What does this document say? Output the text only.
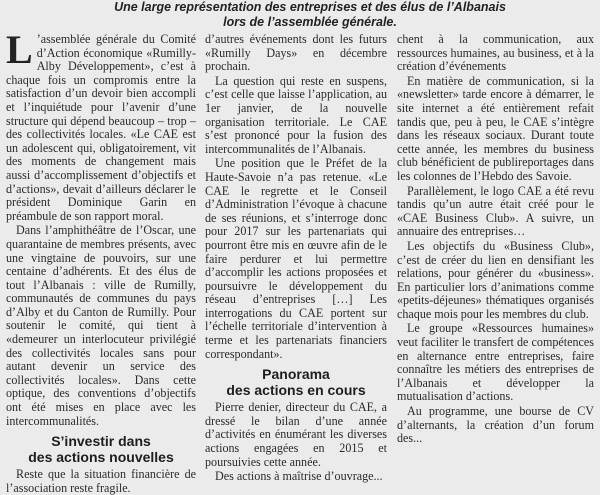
Une large représentation des entreprises et des élus de l’Albanais
lors de l’assemblée générale.

L ’assemblée générale du Comité d’Action économique «Rumilly-Alby Développement», c’est à chaque fois un compromis entre la satisfaction d’un devoir bien accompli et l’inquiétude pour l’avenir d’une structure qui dépend beaucoup – trop – des collectivités locales. «Le CAE est un adolescent qui, obligatoirement, vit des moments de changement mais aussi d’accomplissement d’objectifs et d’actions», devait d’ailleurs déclarer le président Dominique Garin en préambule de son rapport moral.

Dans l’amphithéâtre de l’Oscar, une quarantaine de membres présents, avec une vingtaine de pouvoirs, sur une centaine d’adhérents. Et des élus de tout l’Albanais : ville de Rumilly, communautés de communes du pays d’Alby et du Canton de Rumilly. Pour soutenir le comité, qui tient à «demeurer un interlocuteur privilégié des collectivités locales sans pour autant devenir un service des collectivités locales». Dans cette optique, des conventions d’objectifs ont été mises en place avec les intercommunalités.

S’investir dans
des actions nouvelles

Reste que la situation financière de l’association reste fragile.

d’autres événements dont les futurs «Rumilly Days» en décembre prochain.

La question qui reste en suspens, c’est celle que laisse l’application, au 1er janvier, de la nouvelle organisation territoriale. Le CAE s’est prononcé pour la fusion des intercommunalités de l’Albanais.

Une position que le Préfet de la Haute-Savoie n’a pas retenue. «Le CAE le regrette et le Conseil d’Administration l’évoque à chacune de ses réunions, et s’interroge donc pour 2017 sur les partenariats qui pourront être mis en œuvre afin de le faire perdurer et lui permettre d’accomplir les actions proposées et poursuivre le développement du réseau d’entreprises […] Les interrogations du CAE portent sur l’échelle territoriale d’intervention à terme et les partenariats financiers correspondant».

Panorama
des actions en cours

Pierre denier, directeur du CAE, a dressé le bilan d’une année d’activités en énumérant les diverses actions engagées en 2015 et poursuivies cette année.

Des actions à maîtrise d’ouvrage...

chent à la communication, aux ressources humaines, au business, et à la création d’événements

En matière de communication, si la «newsletter» tarde encore à démarrer, le site internet a été entièrement refait tandis que, peu à peu, le CAE s’intègre dans les réseaux sociaux. Durant toute cette année, les membres du business club bénéficient de publireportages dans les colonnes de l’Hebdo des Savoie.

Parallèlement, le logo CAE a été revu tandis qu’un autre était créé pour le «CAE Business Club». A suivre, un annuaire des entreprises…

Les objectifs du «Business Club», c’est de créer du lien en densifiant les relations, pour générer du «business». En particulier lors d’animations comme «petits-déjeunes» thématiques organisés chaque mois pour les membres du club.

Le groupe «Ressources humaines» veut faciliter le transfert de compétences en alternance entre entreprises, faire connaître les métiers des entreprises de l’Albanais et développer la mutualisation d’actions.

Au programme, une bourse de CV d’alternants, la création d’un forum des...
